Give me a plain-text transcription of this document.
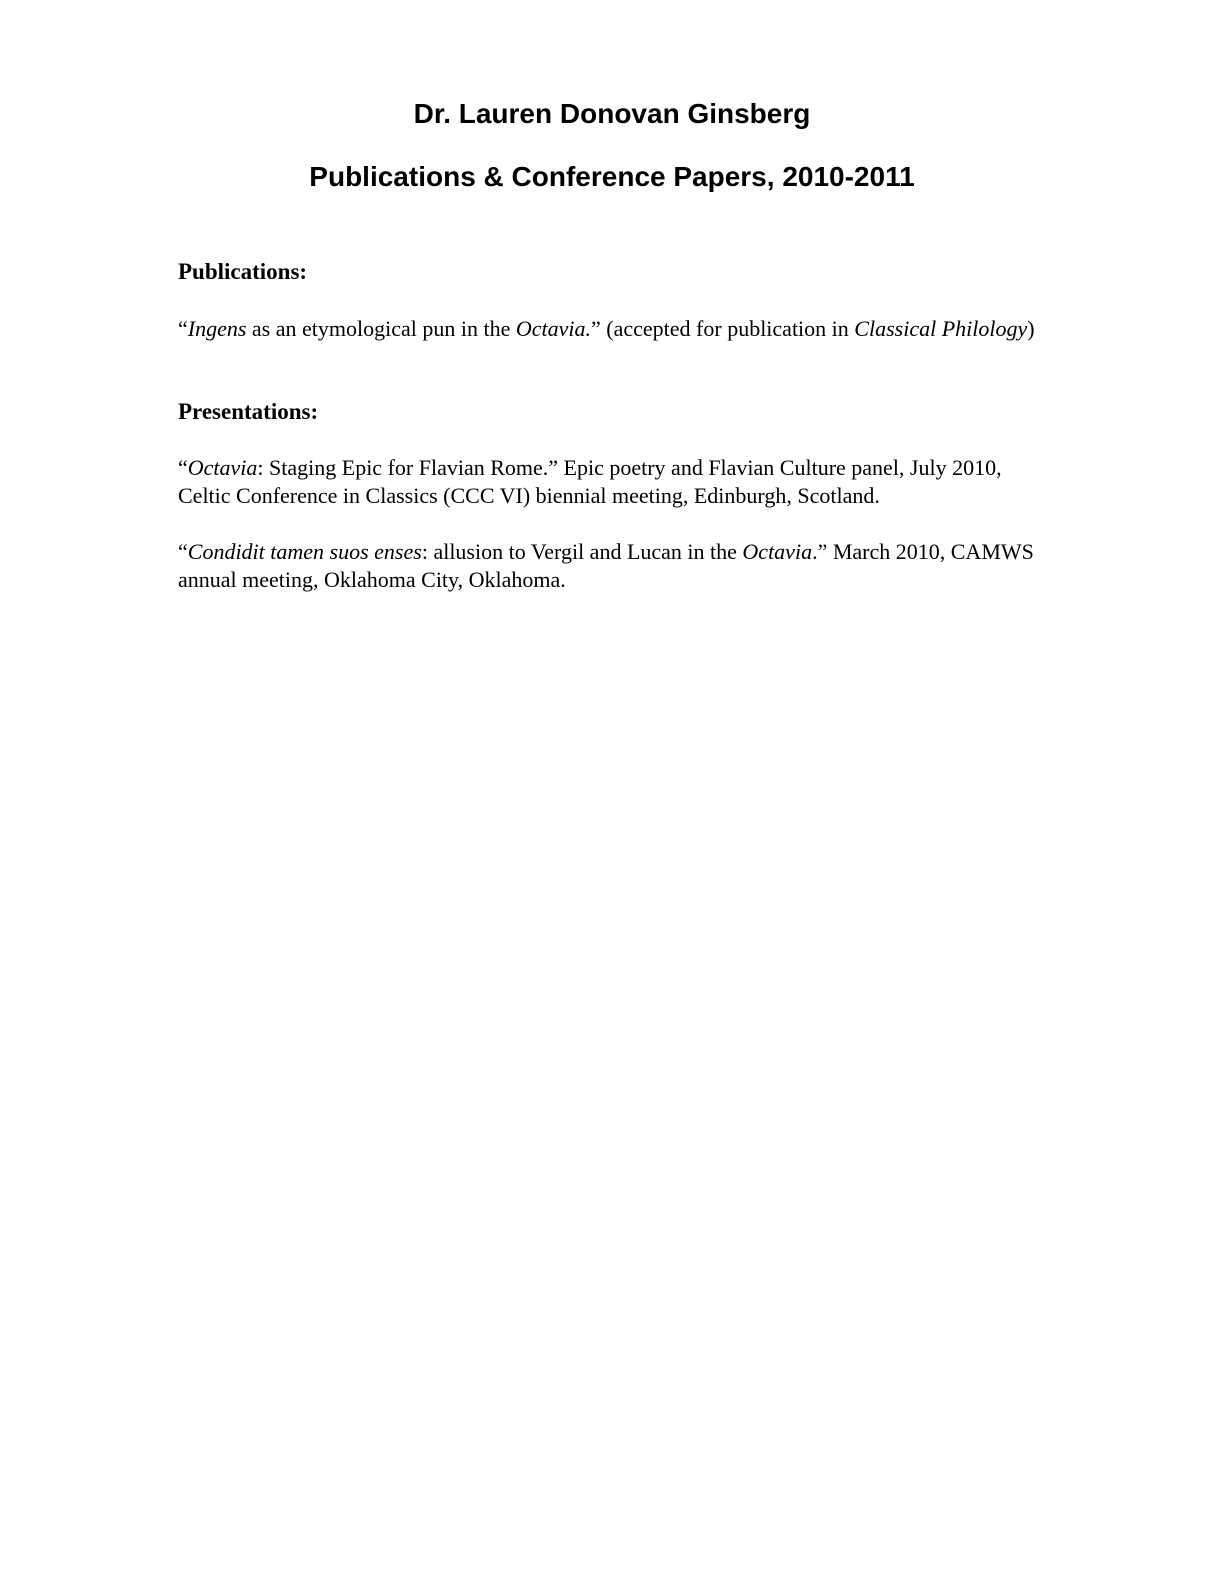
Dr. Lauren Donovan Ginsberg
Publications & Conference Papers, 2010-2011
Publications:

“Ingens as an etymological pun in the Octavia.” (accepted for publication in Classical Philology)

Presentations:

“Octavia: Staging Epic for Flavian Rome.” Epic poetry and Flavian Culture panel, July 2010, Celtic Conference in Classics (CCC VI) biennial meeting, Edinburgh, Scotland.

“Condidit tamen suos enses: allusion to Vergil and Lucan in the Octavia.” March 2010, CAMWS annual meeting, Oklahoma City, Oklahoma.
